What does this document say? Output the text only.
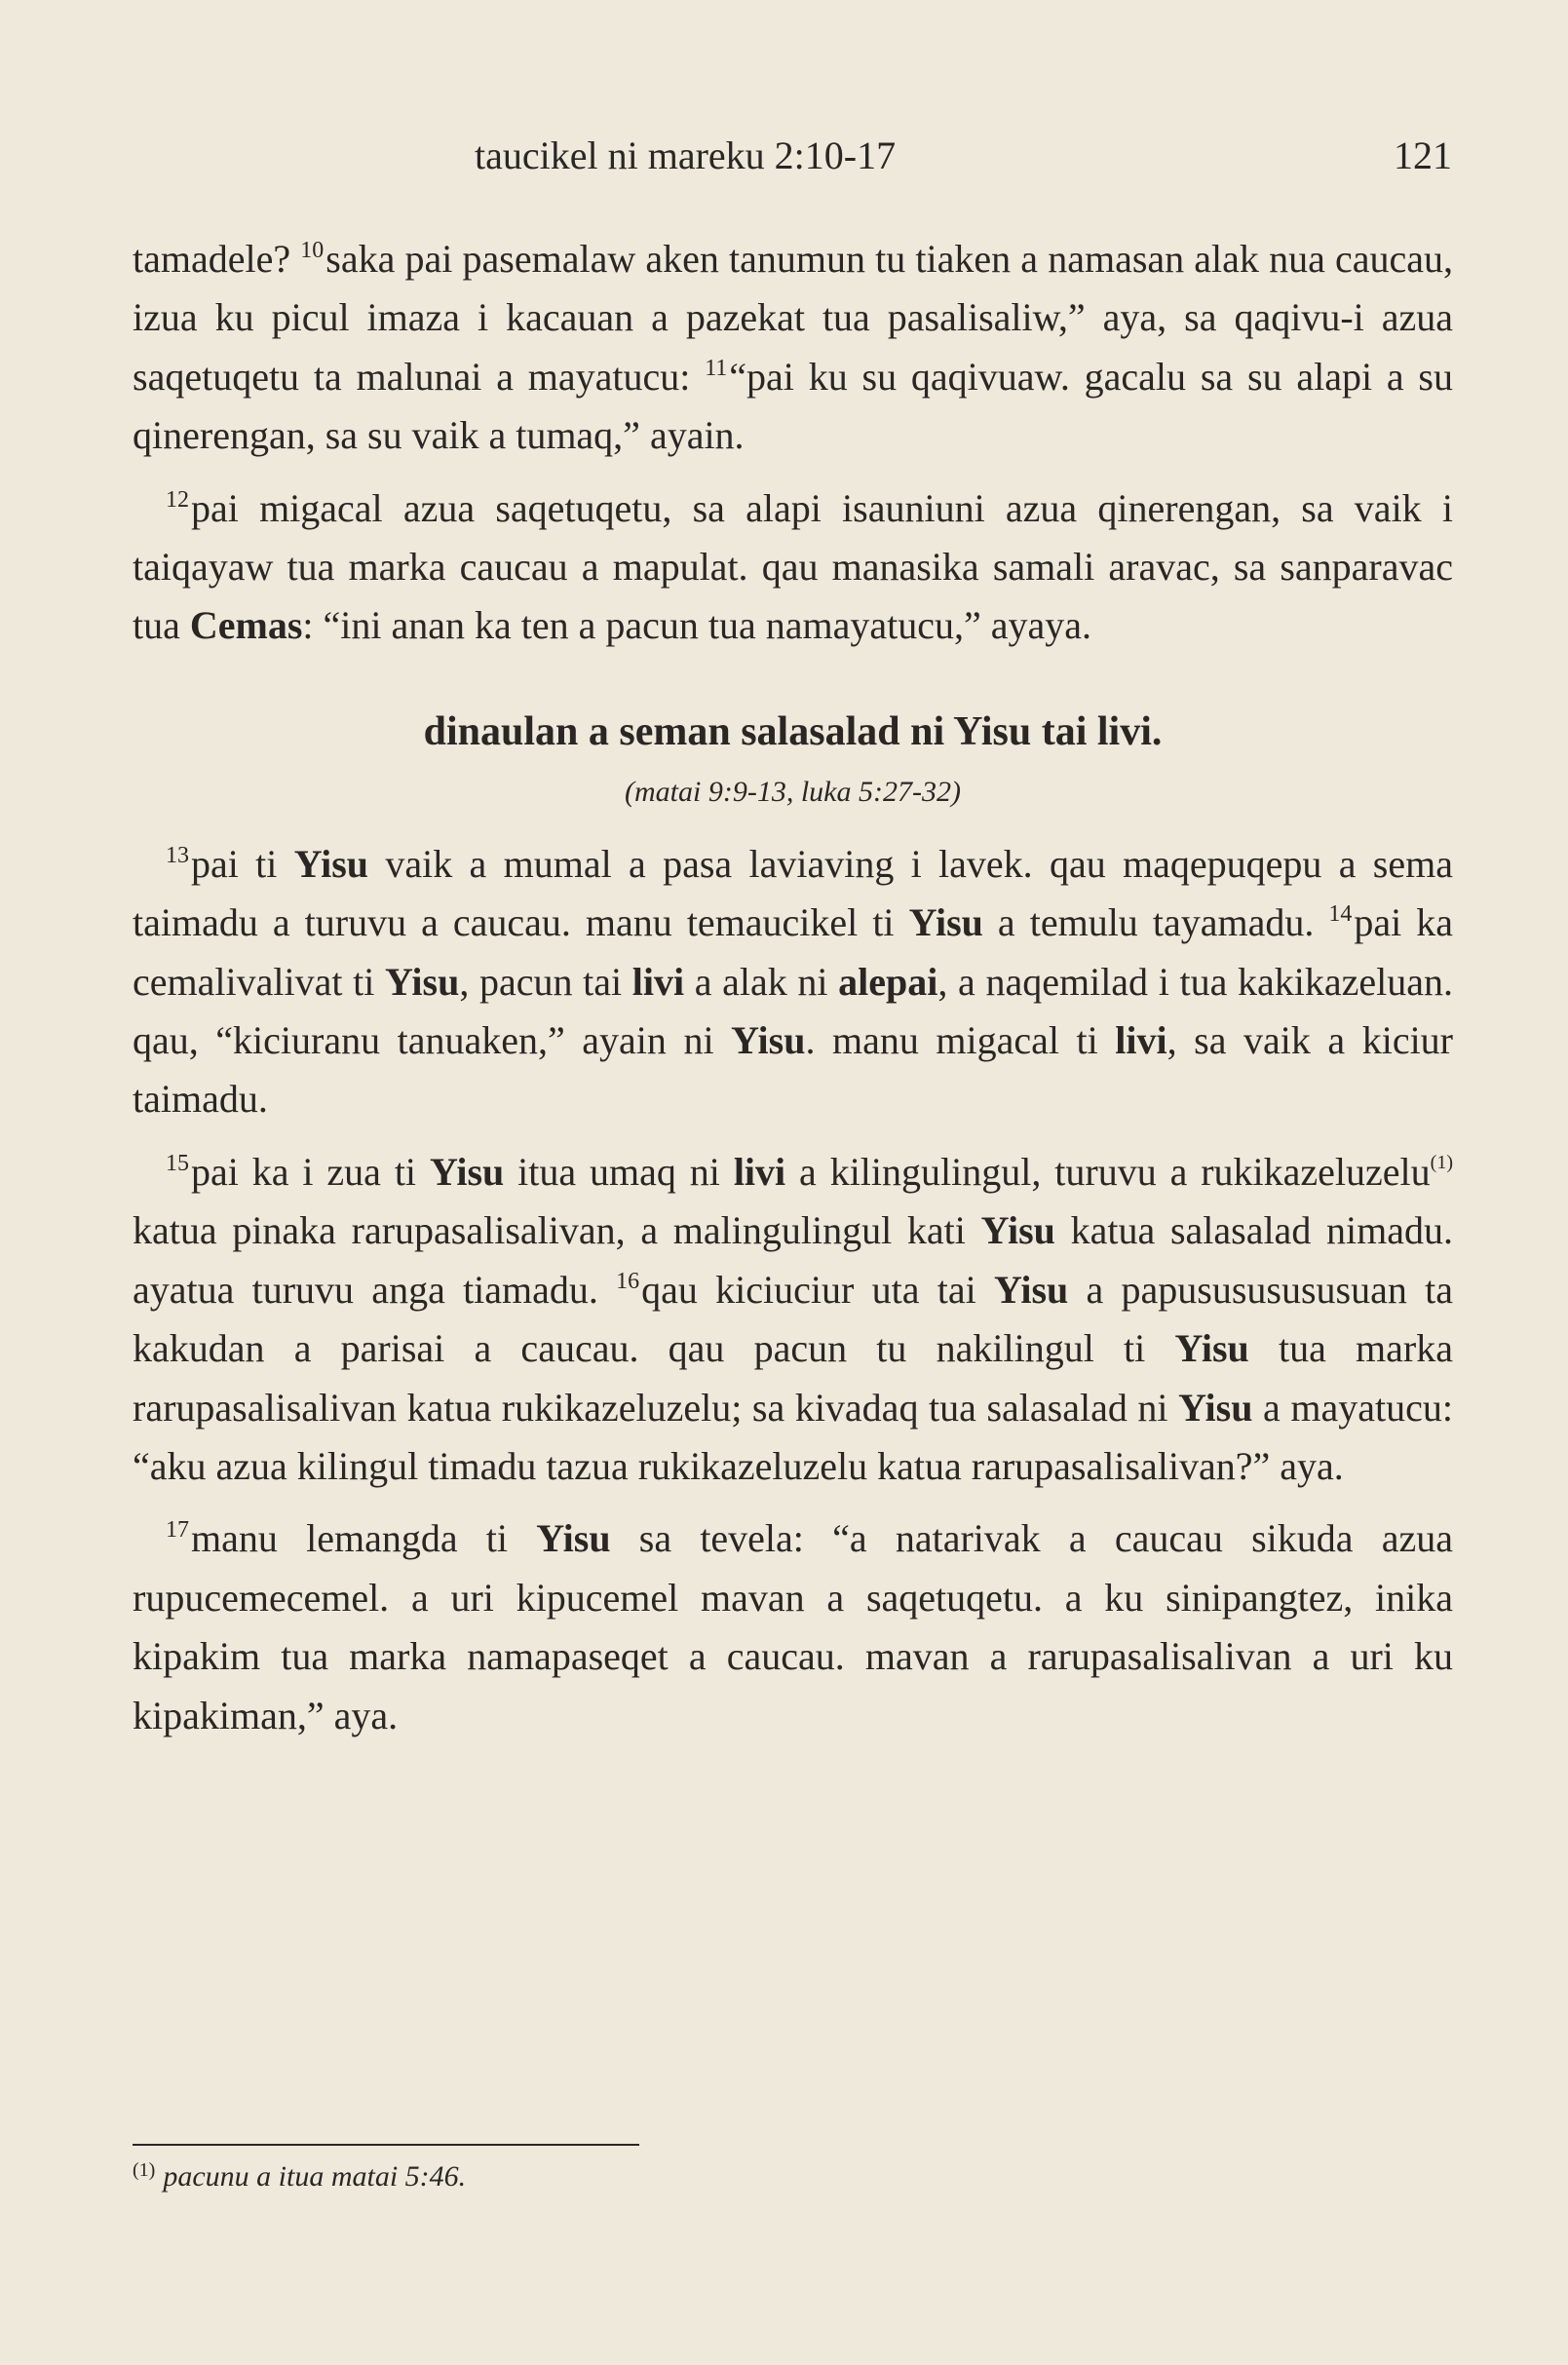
taucikel ni mareku 2:10-17	121

tamadele? $^{10}$saka pai pasemalaw aken tanumun tu tiaken a namasan alak nua caucau, izua ku picul imaza i kacauan a pazekat tua pasalisaliw,” aya, sa qaqivu-i azua saqetuqetu ta malunai a mayatucu: $^{11}$“pai ku su qaqivuaw. gacalu sa su alapi a su qinerengan, sa su vaik a tumaq,” ayain.

$^{12}$pai migacal azua saqetuqetu, sa alapi isauniuni azua qinerengan, sa vaik i taiqayaw tua marka caucau a mapulat. qau manasika samali aravac, sa sanparavac tua Cemas: “ini anan ka ten a pacun tua namayatucu,” ayaya.

dinaulan a seman salasalad ni Yisu tai livi.
(matai 9:9-13, luka 5:27-32)

$^{13}$pai ti Yisu vaik a mumal a pasa laviaving i lavek. qau maqepuqepu a sema taimadu a turuvu a caucau. manu temaucikel ti Yisu a temulu tayamadu. $^{14}$pai ka cemalivalivat ti Yisu, pacun tai livi a alak ni alepai, a naqemilad i tua kakikazeluan. qau, “kiciuranu tanuaken,” ayain ni Yisu. manu migacal ti livi, sa vaik a kiciur taimadu.

$^{15}$pai ka i zua ti Yisu itua umaq ni livi a kilingulingul, turuvu a rukikazeluzelu$^{(1)}$ katua pinaka rarupasalisalivan, a malingulingul kati Yisu katua salasalad nimadu. ayatua turuvu anga tiamadu. $^{16}$qau kiciuciur uta tai Yisu a papusususususuan ta kakudan a parisai a caucau. qau pacun tu nakilingul ti Yisu tua marka rarupasalisalivan katua rukikazeluzelu; sa kivadaq tua salasalad ni Yisu a mayatucu: “aku azua kilingul timadu tazua rukikazeluzelu katua rarupasalisalivan?” aya.

$^{17}$manu lemangda ti Yisu sa tevela: “a natarivak a caucau sikuda azua rupucemecemel. a uri kipucemel mavan a saqetuqetu. a ku sinipangtez, inika kipakim tua marka namapaseqet a caucau. mavan a rarupasalisalivan a uri ku kipakiman,” aya.

$^{(1)}$ pacunu a itua matai 5:46.
